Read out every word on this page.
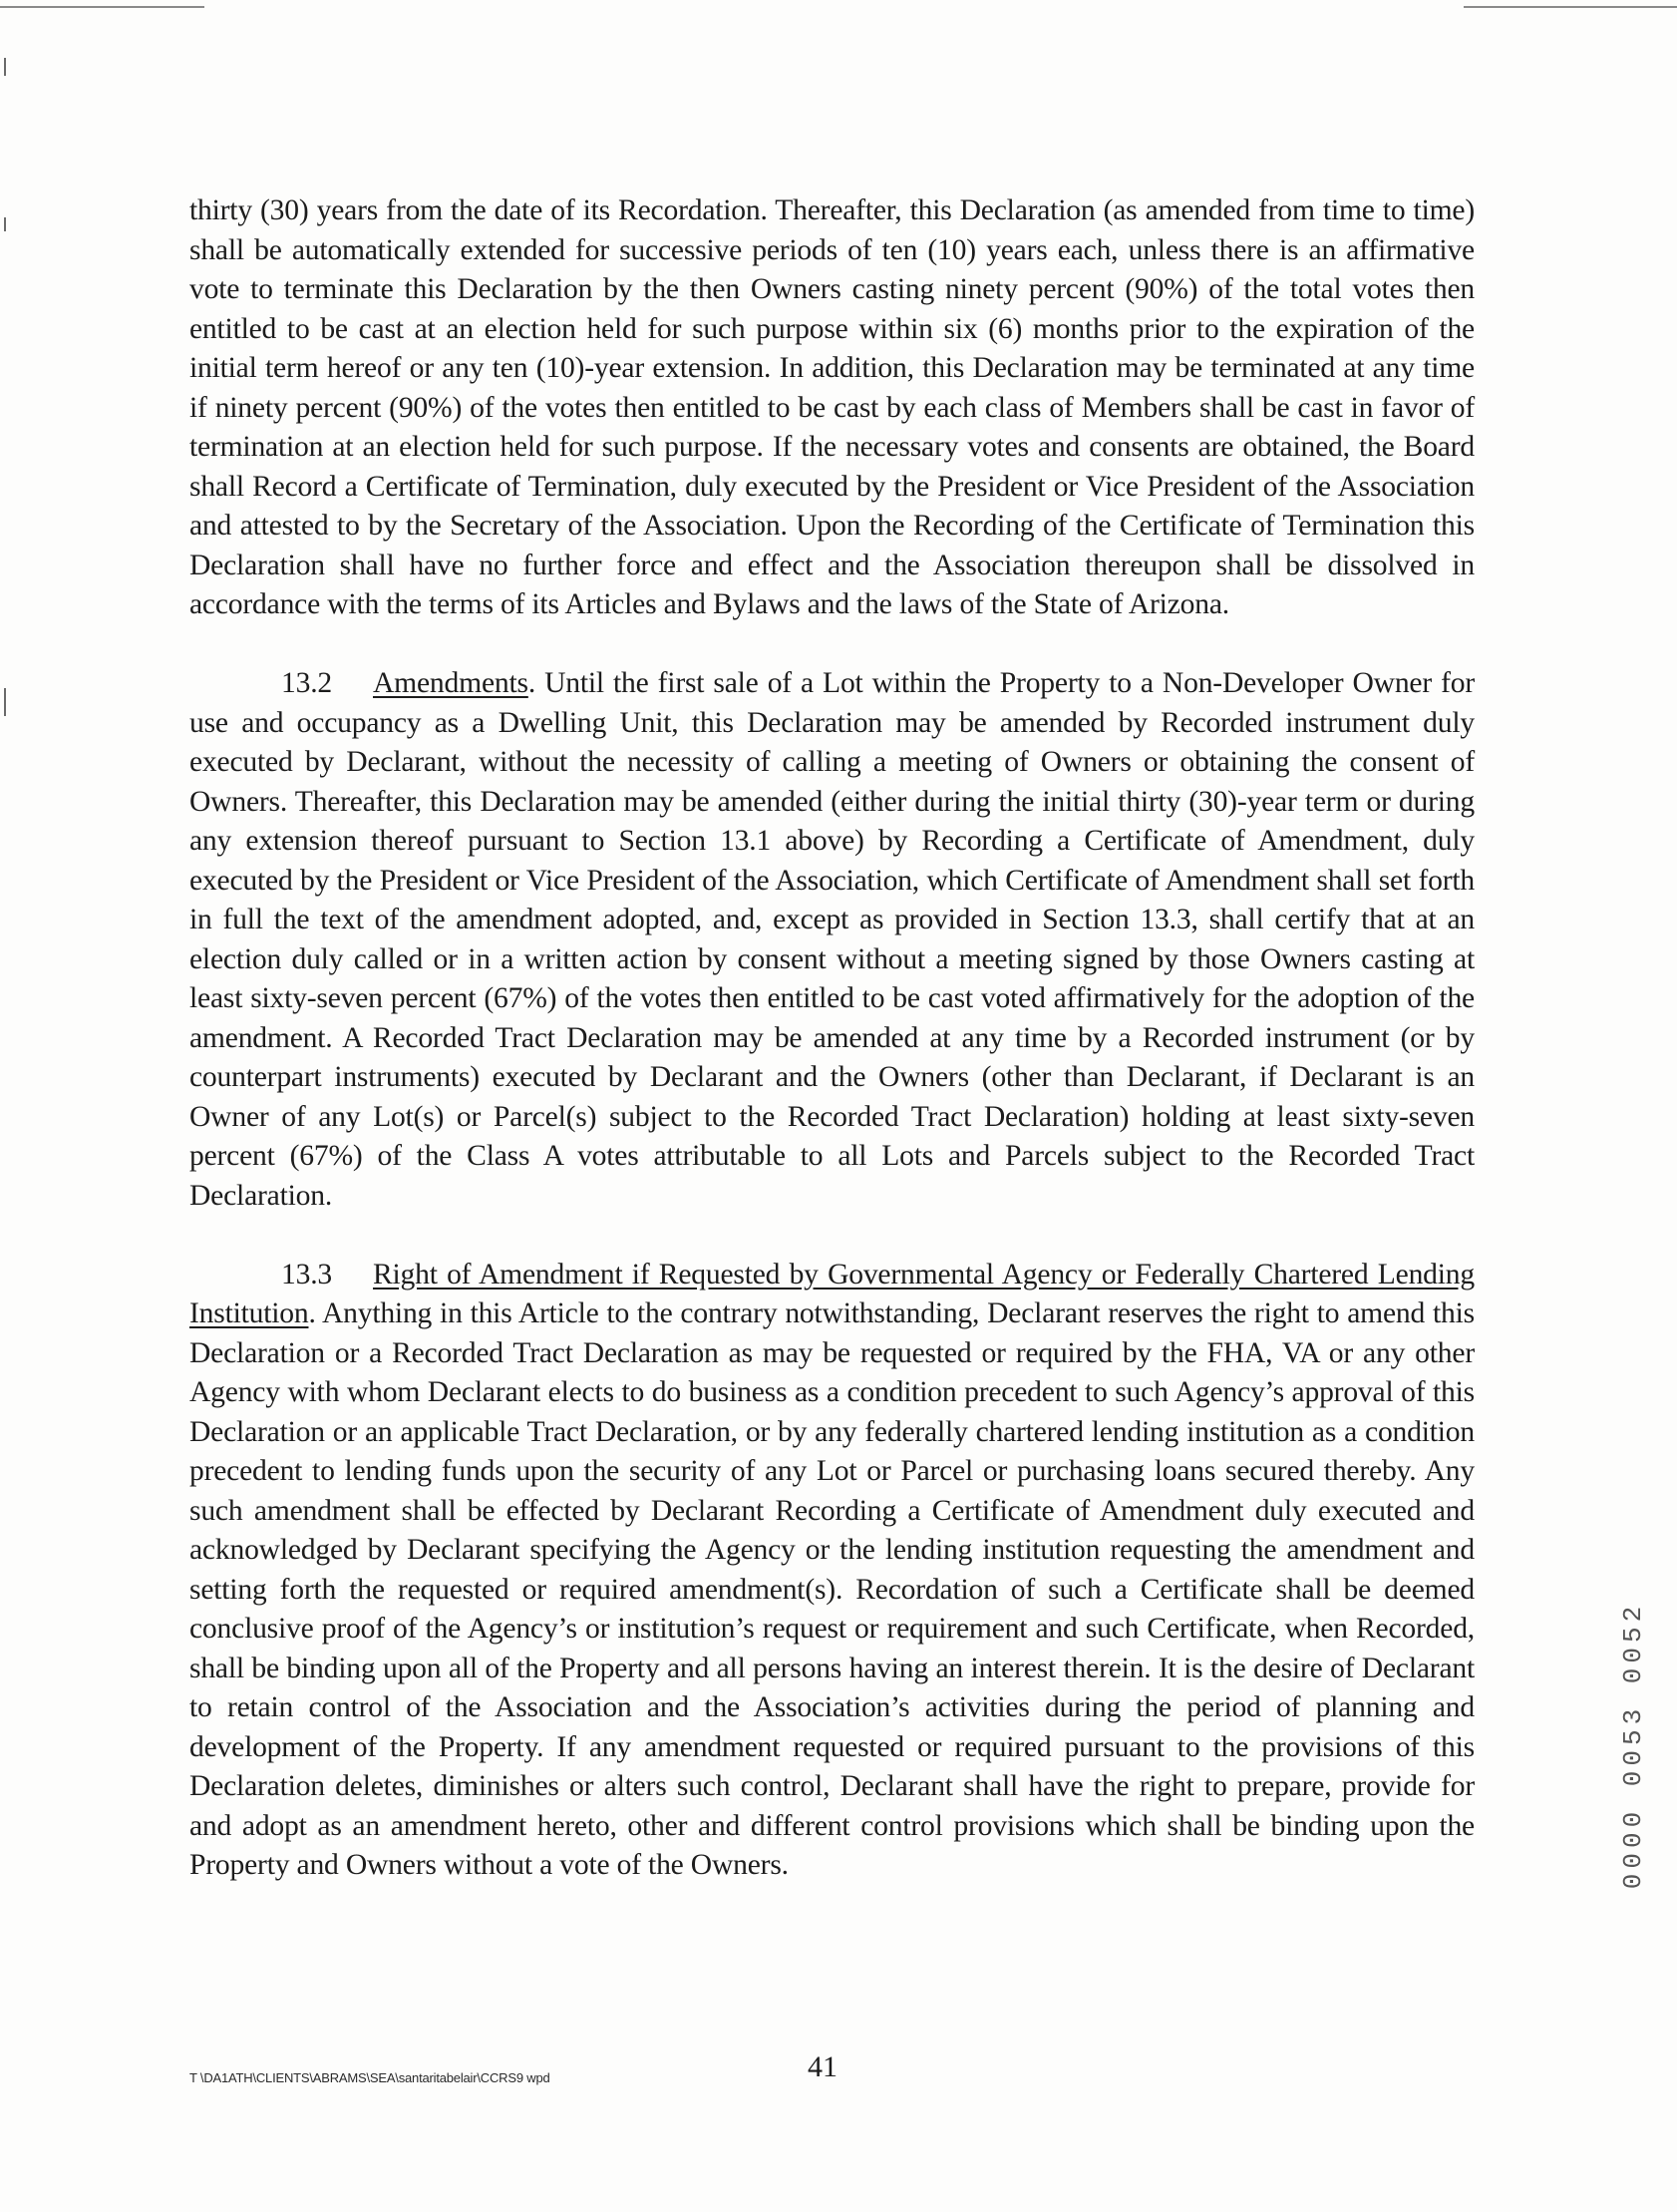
thirty (30) years from the date of its Recordation. Thereafter, this Declaration (as amended from time to time) shall be automatically extended for successive periods of ten (10) years each, unless there is an affirmative vote to terminate this Declaration by the then Owners casting ninety percent (90%) of the total votes then entitled to be cast at an election held for such purpose within six (6) months prior to the expiration of the initial term hereof or any ten (10)-year extension. In addition, this Declaration may be terminated at any time if ninety percent (90%) of the votes then entitled to be cast by each class of Members shall be cast in favor of termination at an election held for such purpose. If the necessary votes and consents are obtained, the Board shall Record a Certificate of Termination, duly executed by the President or Vice President of the Association and attested to by the Secretary of the Association. Upon the Recording of the Certificate of Termination this Declaration shall have no further force and effect and the Association thereupon shall be dissolved in accordance with the terms of its Articles and Bylaws and the laws of the State of Arizona.

13.2 Amendments. Until the first sale of a Lot within the Property to a Non-Developer Owner for use and occupancy as a Dwelling Unit, this Declaration may be amended by Recorded instrument duly executed by Declarant, without the necessity of calling a meeting of Owners or obtaining the consent of Owners. Thereafter, this Declaration may be amended (either during the initial thirty (30)-year term or during any extension thereof pursuant to Section 13.1 above) by Recording a Certificate of Amendment, duly executed by the President or Vice President of the Association, which Certificate of Amendment shall set forth in full the text of the amendment adopted, and, except as provided in Section 13.3, shall certify that at an election duly called or in a written action by consent without a meeting signed by those Owners casting at least sixty-seven percent (67%) of the votes then entitled to be cast voted affirmatively for the adoption of the amendment. A Recorded Tract Declaration may be amended at any time by a Recorded instrument (or by counterpart instruments) executed by Declarant and the Owners (other than Declarant, if Declarant is an Owner of any Lot(s) or Parcel(s) subject to the Recorded Tract Declaration) holding at least sixty-seven percent (67%) of the Class A votes attributable to all Lots and Parcels subject to the Recorded Tract Declaration.

13.3 Right of Amendment if Requested by Governmental Agency or Federally Chartered Lending Institution. Anything in this Article to the contrary notwithstanding, Declarant reserves the right to amend this Declaration or a Recorded Tract Declaration as may be requested or required by the FHA, VA or any other Agency with whom Declarant elects to do business as a condition precedent to such Agency’s approval of this Declaration or an applicable Tract Declaration, or by any federally chartered lending institution as a condition precedent to lending funds upon the security of any Lot or Parcel or purchasing loans secured thereby. Any such amendment shall be effected by Declarant Recording a Certificate of Amendment duly executed and acknowledged by Declarant specifying the Agency or the lending institution requesting the amendment and setting forth the requested or required amendment(s). Recordation of such a Certificate shall be deemed conclusive proof of the Agency’s or institution’s request or requirement and such Certificate, when Recorded, shall be binding upon all of the Property and all persons having an interest therein. It is the desire of Declarant to retain control of the Association and the Association’s activities during the period of planning and development of the Property. If any amendment requested or required pursuant to the provisions of this Declaration deletes, diminishes or alters such control, Declarant shall have the right to prepare, provide for and adopt as an amendment hereto, other and different control provisions which shall be binding upon the Property and Owners without a vote of the Owners.

T \DA1ATH\CLIENTS\ABRAMS\SEA\santaritabelair\CCRS9 wpd	41
0000 0053 0052
